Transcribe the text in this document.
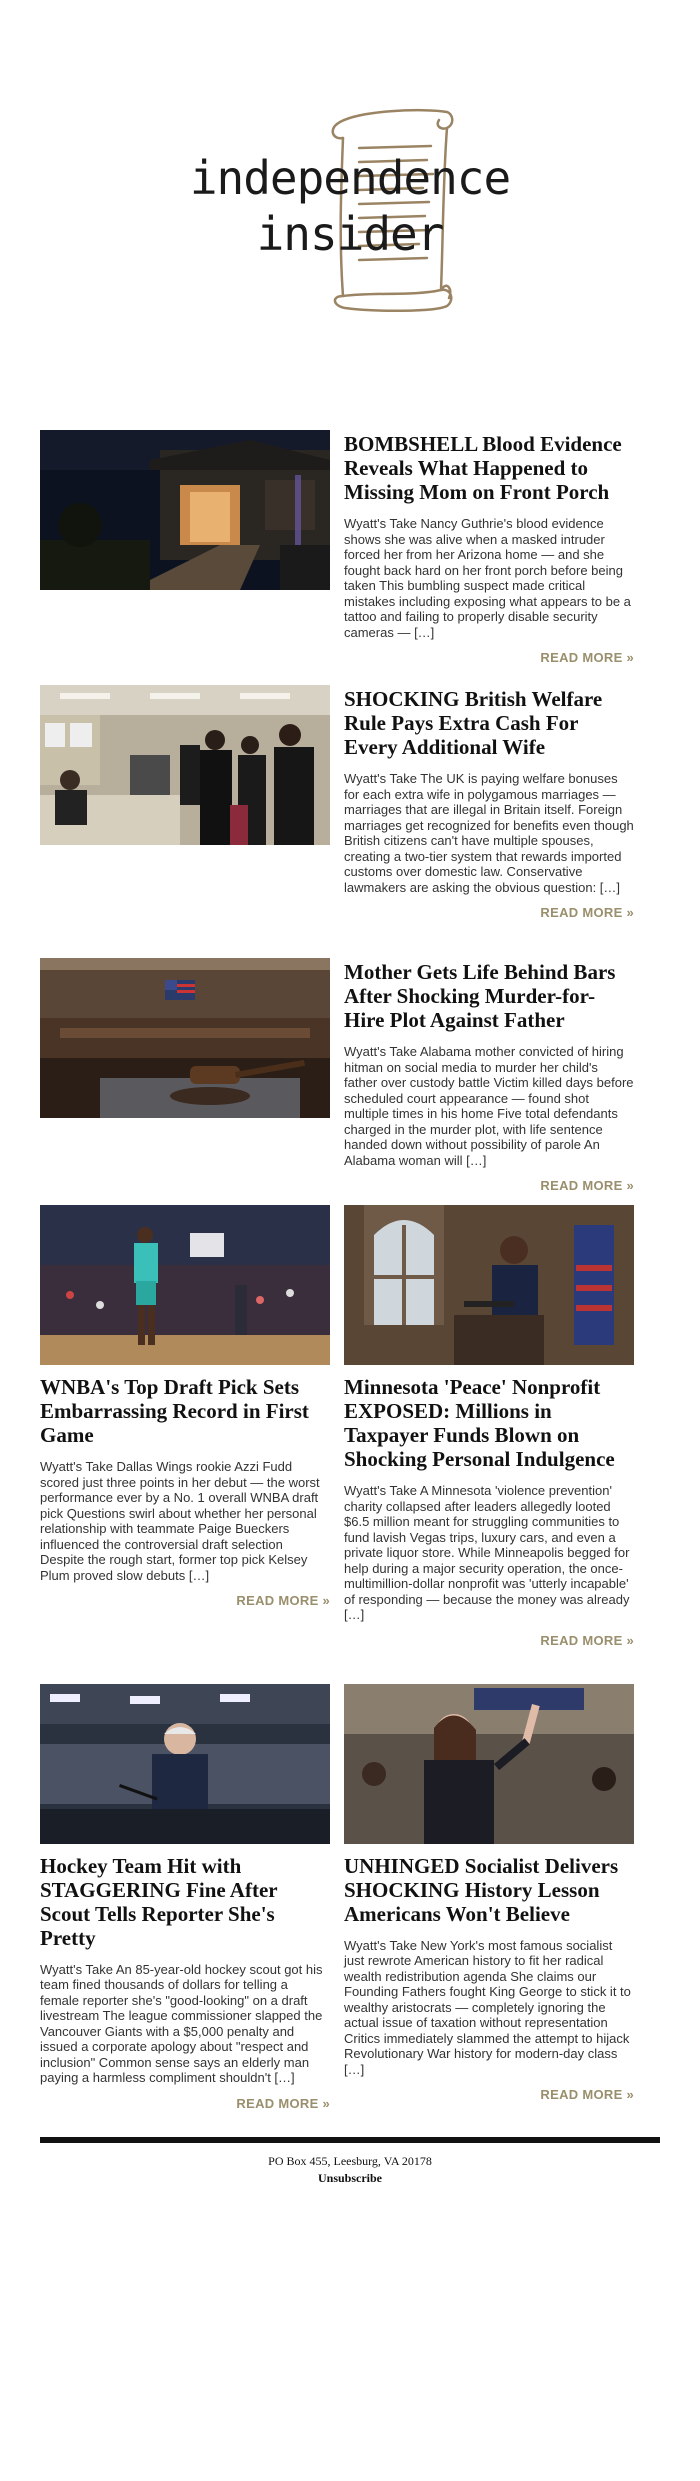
independence
insider
BOMBSHELL Blood Evidence Reveals What Happened to Missing Mom on Front Porch

Wyatt's Take Nancy Guthrie's blood evidence shows she was alive when a masked intruder forced her from her Arizona home — and she fought back hard on her front porch before being taken This bumbling suspect made critical mistakes including exposing what appears to be a tattoo and failing to properly disable security cameras — […]

READ MORE »
SHOCKING British Welfare Rule Pays Extra Cash For Every Additional Wife

Wyatt's Take The UK is paying welfare bonuses for each extra wife in polygamous marriages — marriages that are illegal in Britain itself. Foreign marriages get recognized for benefits even though British citizens can't have multiple spouses, creating a two-tier system that rewards imported customs over domestic law. Conservative lawmakers are asking the obvious question: […]

READ MORE »
Mother Gets Life Behind Bars After Shocking Murder-for-Hire Plot Against Father

Wyatt's Take Alabama mother convicted of hiring hitman on social media to murder her child's father over custody battle Victim killed days before scheduled court appearance — found shot multiple times in his home Five total defendants charged in the murder plot, with life sentence handed down without possibility of parole An Alabama woman will […]

READ MORE »
WNBA's Top Draft Pick Sets Embarrassing Record in First Game

Wyatt's Take Dallas Wings rookie Azzi Fudd scored just three points in her debut — the worst performance ever by a No. 1 overall WNBA draft pick Questions swirl about whether her personal relationship with teammate Paige Bueckers influenced the controversial draft selection Despite the rough start, former top pick Kelsey Plum proved slow debuts […]

READ MORE »
Minnesota 'Peace' Nonprofit EXPOSED: Millions in Taxpayer Funds Blown on Shocking Personal Indulgence

Wyatt's Take A Minnesota 'violence prevention' charity collapsed after leaders allegedly looted $6.5 million meant for struggling communities to fund lavish Vegas trips, luxury cars, and even a private liquor store. While Minneapolis begged for help during a major security operation, the once-multimillion-dollar nonprofit was 'utterly incapable' of responding — because the money was already […]

READ MORE »
Hockey Team Hit with STAGGERING Fine After Scout Tells Reporter She's Pretty

Wyatt's Take An 85-year-old hockey scout got his team fined thousands of dollars for telling a female reporter she's "good-looking" on a draft livestream The league commissioner slapped the Vancouver Giants with a $5,000 penalty and issued a corporate apology about "respect and inclusion" Common sense says an elderly man paying a harmless compliment shouldn't […]

READ MORE »
UNHINGED Socialist Delivers SHOCKING History Lesson Americans Won't Believe

Wyatt's Take New York's most famous socialist just rewrote American history to fit her radical wealth redistribution agenda She claims our Founding Fathers fought King George to stick it to wealthy aristocrats — completely ignoring the actual issue of taxation without representation Critics immediately slammed the attempt to hijack Revolutionary War history for modern-day class […]

READ MORE »
PO Box 455, Leesburg, VA 20178
Unsubscribe
